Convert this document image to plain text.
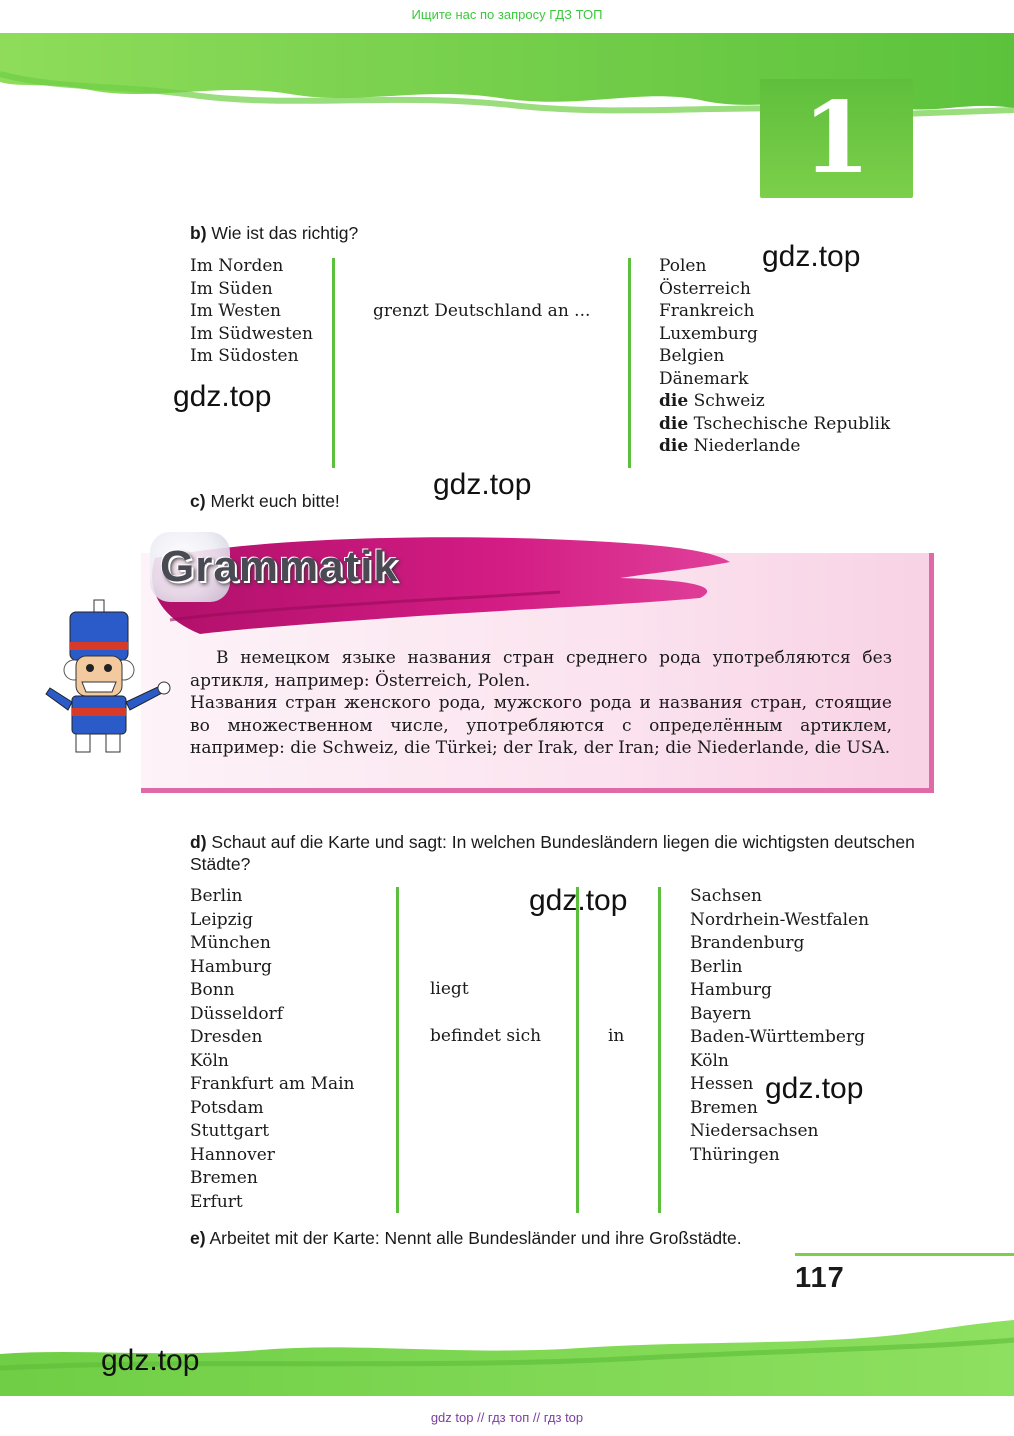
Ищите нас по запросу ГДЗ ТОП
1
b) Wie ist das richtig?
Im Norden
Im Süden
Im Westen
Im Südwesten
Im Südosten
grenzt Deutschland an ...
Polen
Österreich
Frankreich
Luxemburg
Belgien
Dänemark
die Schweiz
die Tschechische Republik
die Niederlande
gdz.top
gdz.top
gdz.top
c) Merkt euch bitte!
Grammatik

В немецком языке названия стран среднего рода употребляются без артикля, например: Österreich, Polen.

Названия стран женского рода, мужского рода и названия стран, стоящие во множественном числе, употребляются с определённым артиклем, например: die Schweiz, die Türkei; der Irak, der Iran; die Niederlande, die USA.

d) Schaut auf die Karte und sagt: In welchen Bundesländern liegen die wichtigsten deutschen Städte?
Berlin
Leipzig
München
Hamburg
Bonn
Düsseldorf
Dresden
Köln
Frankfurt am Main
Potsdam
Stuttgart
Hannover
Bremen
Erfurt
liegt
befindet sich	in
Sachsen
Nordrhein-Westfalen
Brandenburg
Berlin
Hamburg
Bayern
Baden-Württemberg
Köln
Hessen
Bremen
Niedersachsen
Thüringen
gdz.top
gdz.top
e) Arbeitet mit der Karte: Nennt alle Bundesländer und ihre Großstädte.
117
gdz.top
gdz top // гдз топ // гдз top
